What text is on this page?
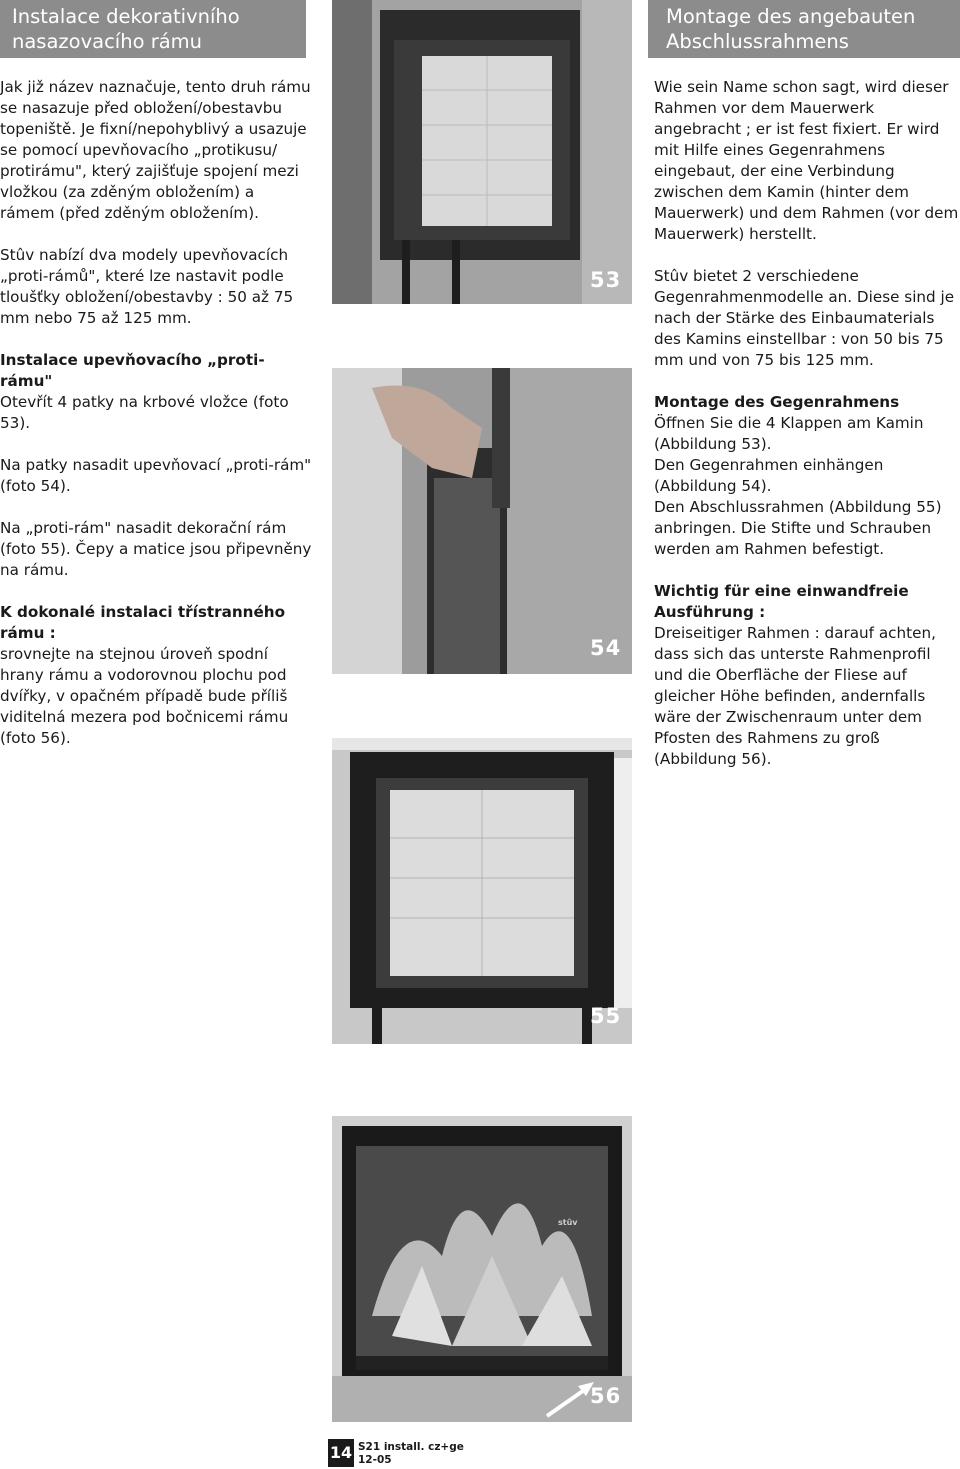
Instalace dekorativního nasazovacího rámu

Jak již název naznačuje, tento druh rámu se nasazuje před obložení/obestavbu topeniště. Je fixní/nepohyblivý a usazuje se pomocí upevňovacího „protikusu/ protirámu", který zajišťuje spojení mezi vložkou (za zděným obložením) a rámem (před zděným obložením).

Stûv nabízí dva modely upevňovacích „proti-rámů", které lze nastavit podle tloušťky obložení/obestavby : 50 až 75 mm nebo 75 až 125 mm.

Instalace upevňovacího „proti-rámu"

Otevřít 4 patky na krbové vložce (foto 53).

Na patky nasadit upevňovací „proti-rám" (foto 54).

Na „proti-rám" nasadit dekorační rám (foto 55). Čepy a matice jsou připevněny na rámu.

K dokonalé instalaci třístranného rámu :

srovnejte na stejnou úroveň spodní hrany rámu a vodorovnou plochu pod dvířky, v opačném případě bude příliš viditelná mezera pod bočnicemi rámu (foto 56).

Montage des angebauten Abschlussrahmens

Wie sein Name schon sagt, wird dieser Rahmen vor dem Mauerwerk angebracht ; er ist fest fixiert. Er wird mit Hilfe eines Gegenrahmens eingebaut, der eine Verbindung zwischen dem Kamin (hinter dem Mauerwerk) und dem Rahmen (vor dem Mauerwerk) herstellt.

Stûv bietet 2 verschiedene Gegenrahmenmodelle an. Diese sind je nach der Stärke des Einbaumaterials des Kamins einstellbar : von 50 bis 75 mm und von 75 bis 125 mm.

Montage des Gegenrahmens

Öffnen Sie die 4 Klappen am Kamin (Abbildung 53).

Den Gegenrahmen einhängen (Abbildung 54).

Den Abschlussrahmen (Abbildung 55) anbringen. Die Stifte und Schrauben werden am Rahmen befestigt.

Wichtig für eine einwandfreie Ausführung :

Dreiseitiger Rahmen : darauf achten, dass sich das unterste Rahmenprofil und die Oberfläche der Fliese auf gleicher Höhe befinden, andernfalls wäre der Zwischenraum unter dem Pfosten des Rahmens zu groß (Abbildung 56).

53
54
55
stûv
56
14 S21 install. cz+ge
12-05
